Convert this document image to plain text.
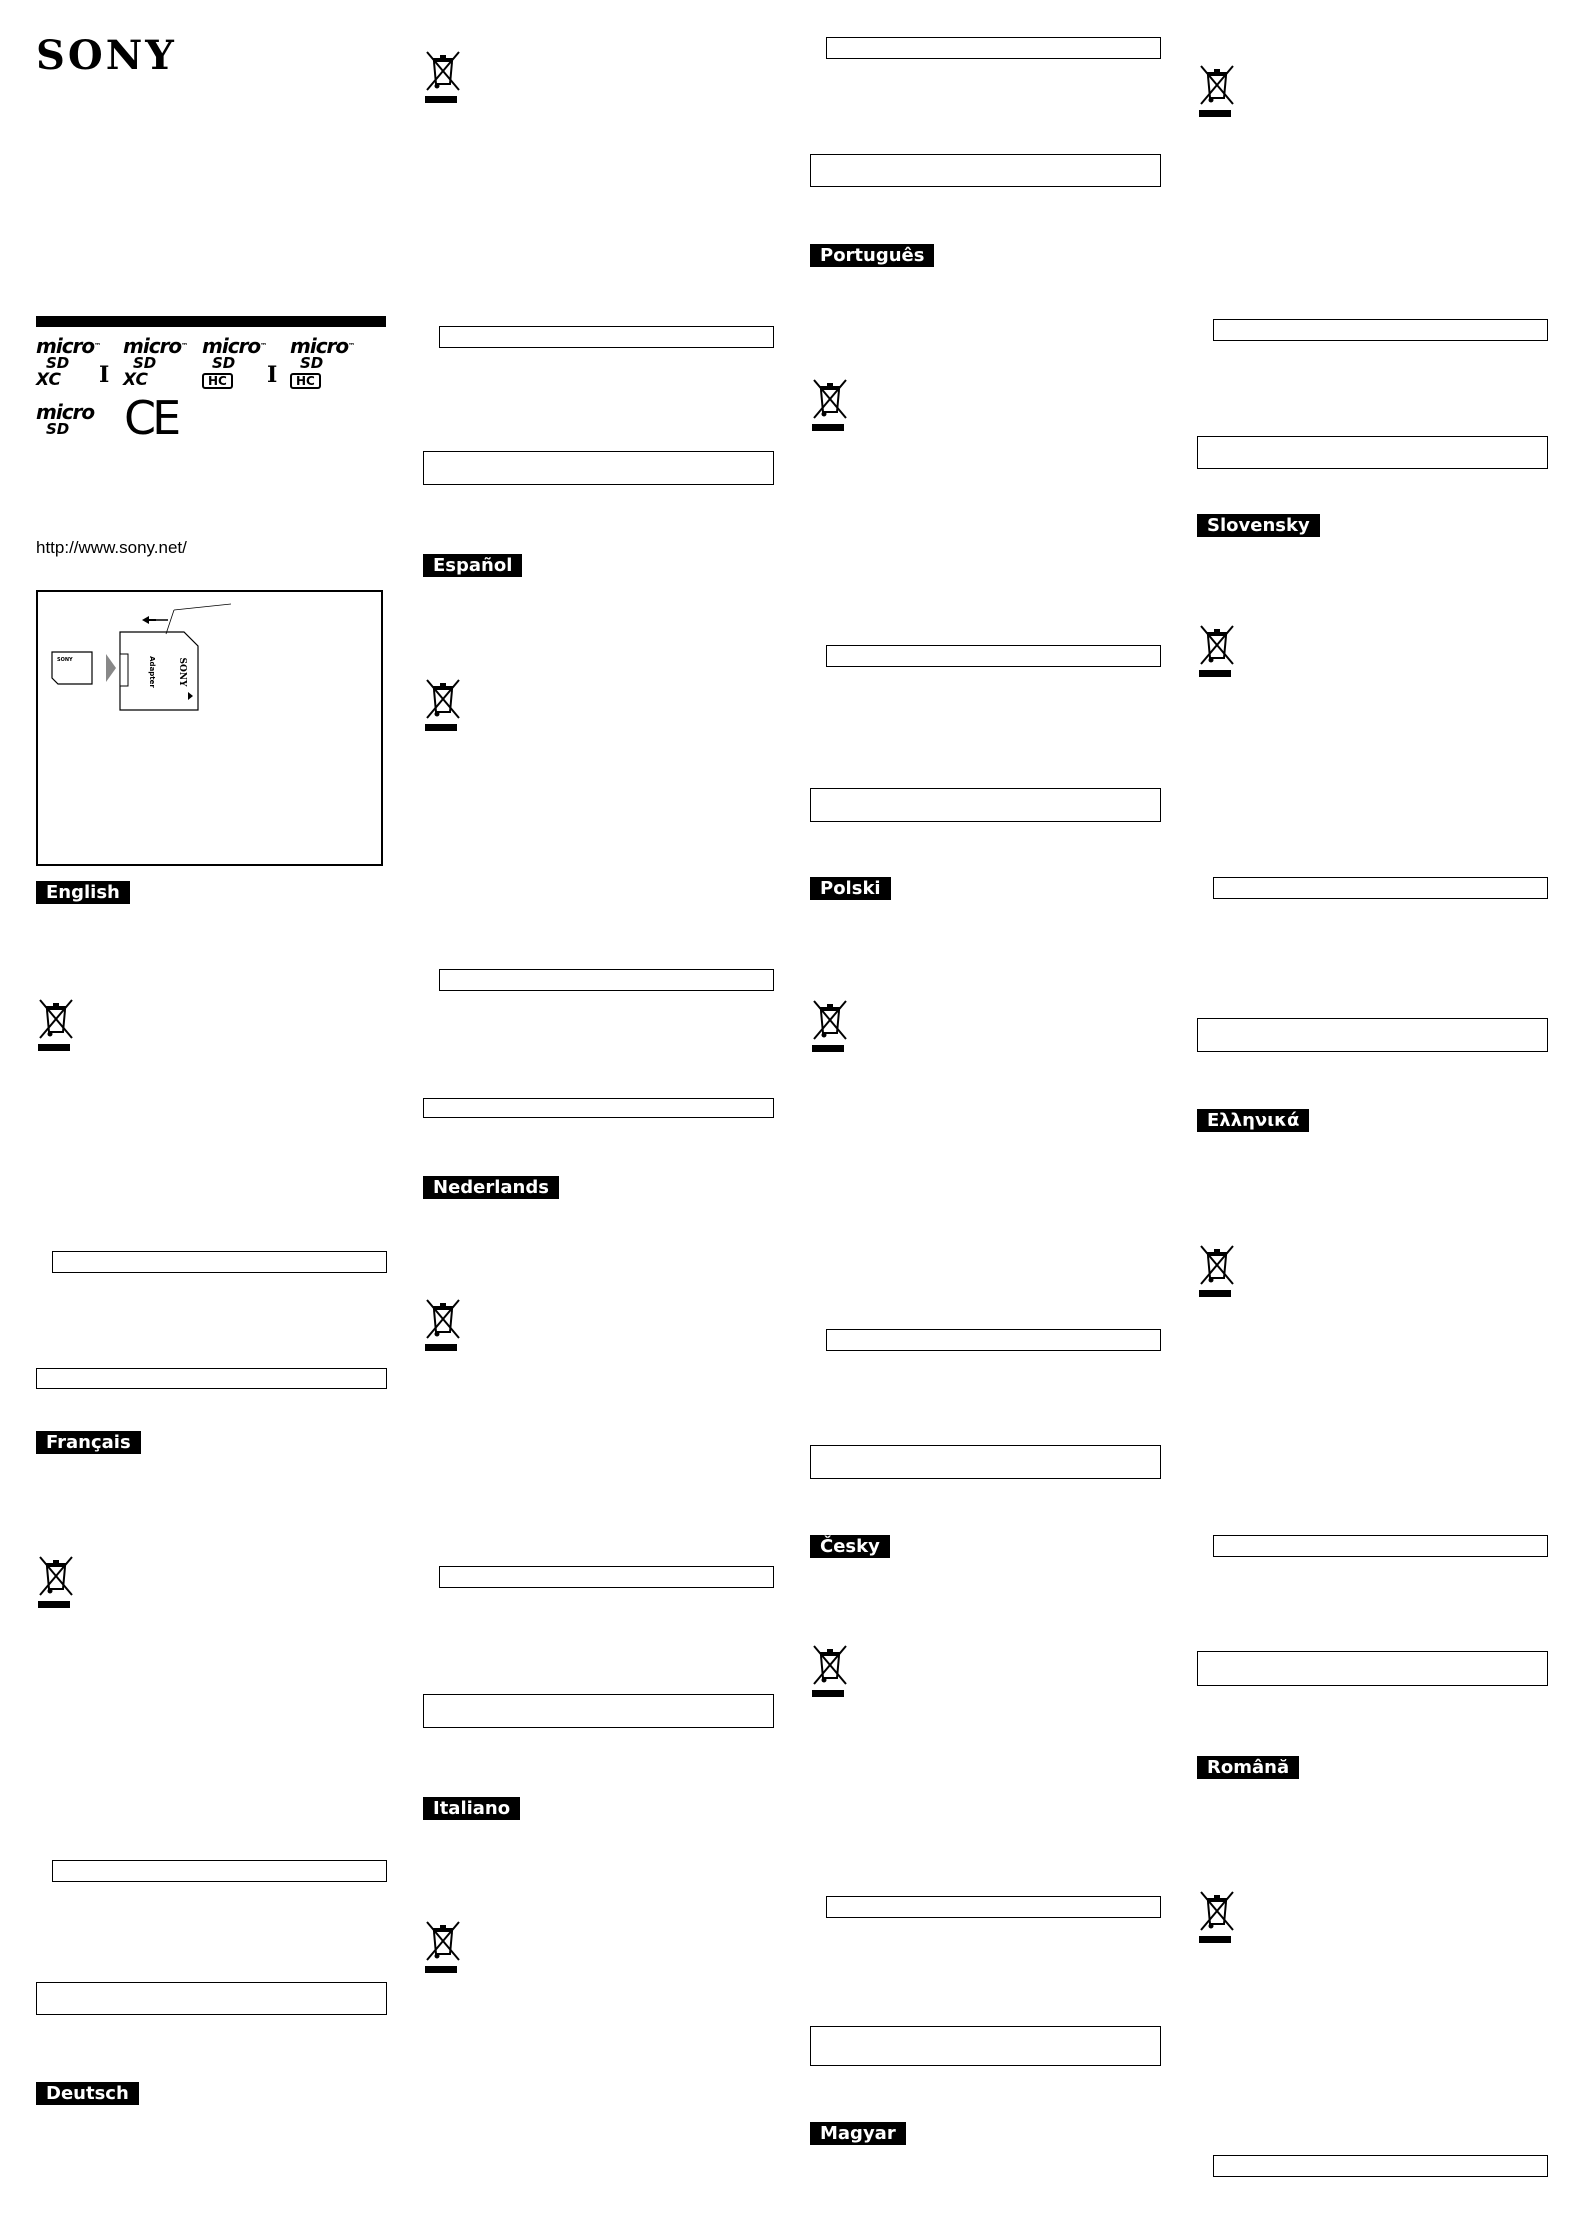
SONY
micro™
SD
XC	I
micro™
SD
XC
micro™
SD
HC	I
micro™
SD
HC
micro
SD	CE
http://www.sony.net/
SONY	Adapter SONY
English
Français
Deutsch
Español
Nederlands
Italiano
Português
Polski
Česky
Magyar
Slovensky
Ελληνικά
Română
